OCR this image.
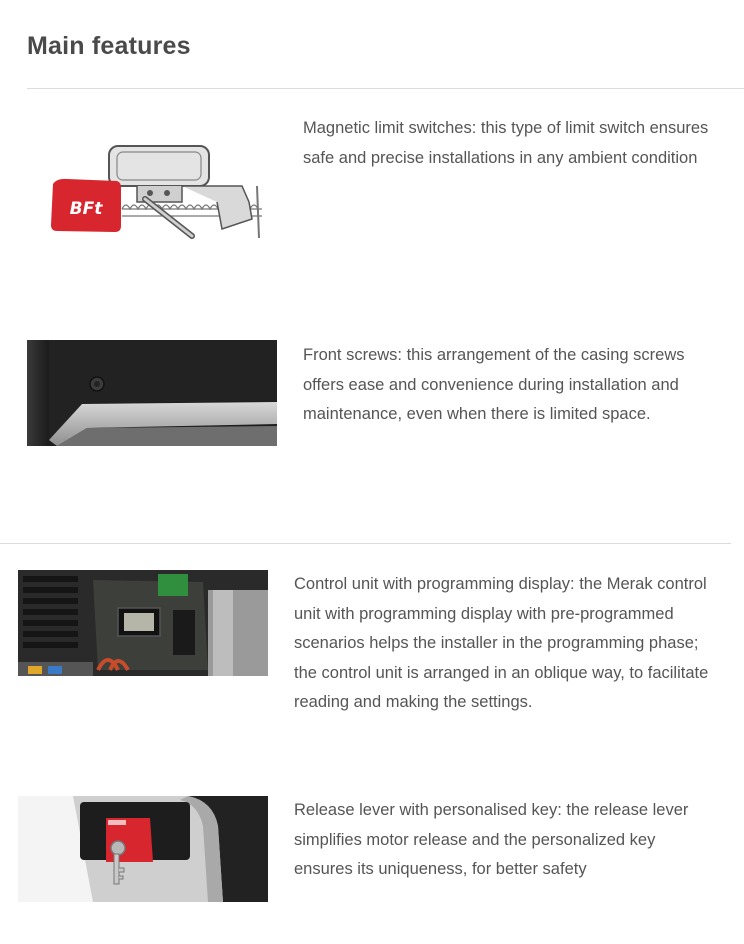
Main features
BFt

Magnetic limit switches: this type of limit switch ensures safe and precise installations in any ambient condition

Front screws: this arrangement of the casing screws offers ease and convenience during installation and maintenance, even when there is limited space.

Control unit with programming display: the Merak control unit with programming display with pre-programmed scenarios helps the installer in the programming phase; the control unit is arranged in an oblique way, to facilitate reading and making the settings.

Release lever with personalised key: the release lever simplifies motor release and the personalized key ensures its uniqueness, for better safety
